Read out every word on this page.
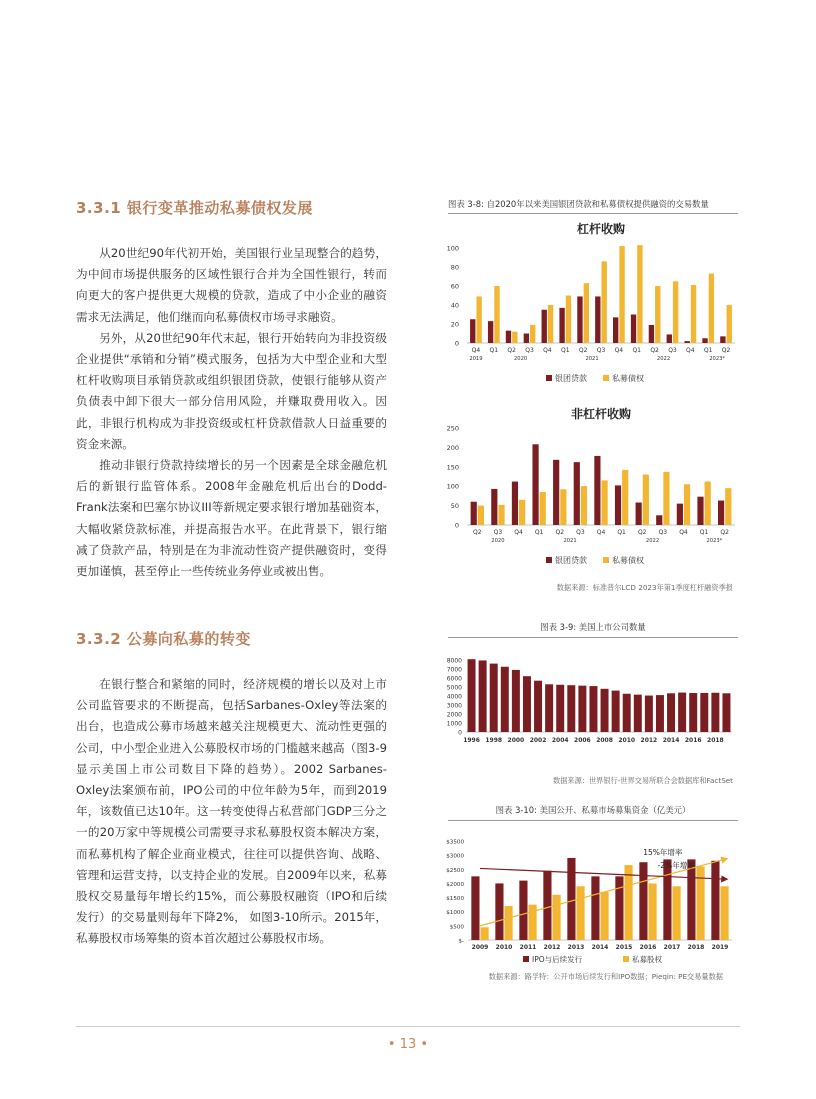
3.3.1 银行变革推动私募债权发展

从20世纪90年代初开始，美国银行业呈现整合的趋势，为中间市场提供服务的区域性银行合并为全国性银行，转而向更大的客户提供更大规模的贷款，造成了中小企业的融资需求无法满足，他们继而向私募债权市场寻求融资。

另外，从20世纪90年代末起，银行开始转向为非投资级企业提供“承销和分销”模式服务，包括为大中型企业和大型杠杆收购项目承销贷款或组织银团贷款，使银行能够从资产负债表中卸下很大一部分信用风险，并赚取费用收入。因此，非银行机构成为非投资级或杠杆贷款借款人日益重要的资金来源。

推动非银行贷款持续增长的另一个因素是全球金融危机后的新银行监管体系。2008年金融危机后出台的Dodd-Frank法案和巴塞尔协议III等新规定要求银行增加基础资本，大幅收紧贷款标准，并提高报告水平。在此背景下，银行缩减了贷款产品，特别是在为非流动性资产提供融资时，变得更加谨慎，甚至停止一些传统业务停业或被出售。

3.3.2 公募向私募的转变

在银行整合和紧缩的同时，经济规模的增长以及对上市公司监管要求的不断提高，包括Sarbanes-Oxley等法案的出台，也造成公募市场越来越关注规模更大、流动性更强的公司，中小型企业进入公募股权市场的门槛越来越高（图3-9显示美国上市公司数目下降的趋势）。2002 Sarbanes-Oxley法案颁布前，IPO公司的中位年龄为5年，而到2019年，该数值已达10年。这一转变使得占私营部门GDP三分之一的20万家中等规模公司需要寻求私募股权资本解决方案，而私募机构了解企业商业模式，往往可以提供咨询、战略、管理和运营支持，以支持企业的发展。自2009年以来，私募股权交易量每年增长约15%，而公募股权融资（IPO和后续发行）的交易量则每年下降2%， 如图3-10所示。2015年，私募股权市场筹集的资本首次超过公募股权市场。

图表 3-8: 自2020年以来美国银团贷款和私募债权提供融资的交易数量
杠杆收购
0
20
40
60
80
100
Q4 Q1 Q2 Q3 Q4 Q1 Q2 Q3 Q4 Q1 Q2 Q3 Q4 Q1 Q2
2019	2020	2021	2022	2023*
银团贷款	私募债权
非杠杆收购
0
50
100
150
200
250
Q2 Q3 Q4 Q1 Q2 Q3 Q4 Q1 Q2 Q3 Q4 Q1 Q2
2020	2021	2022	2023*
银团贷款	私募债权
数据来源：标准普尔LCD 2023年第1季度杠杆融资季报
图表 3-9: 美国上市公司数量
0
1000
2000
3000
4000
5000
6000
7000
8000
1996 1998 2000 2002 2004 2006 2008 2010 2012 2014 2016 2018
数据来源：世界银行-世界交易所联合会数据库和FactSet
图表 3-10: 美国公开、私募市场募集资金（亿美元）
$-
$500
$1000
$1500
$2000
$2500
$3000
$3500
2009 2010 2011 2012 2013 2014 2015 2016 2017 2018 2019
15%年增率
-2%年增率
IPO与后续发行	私募股权
数据来源：路孚特：公开市场后续发行和IPO数据；Pieqin: PE交易量数据
• 13 •
